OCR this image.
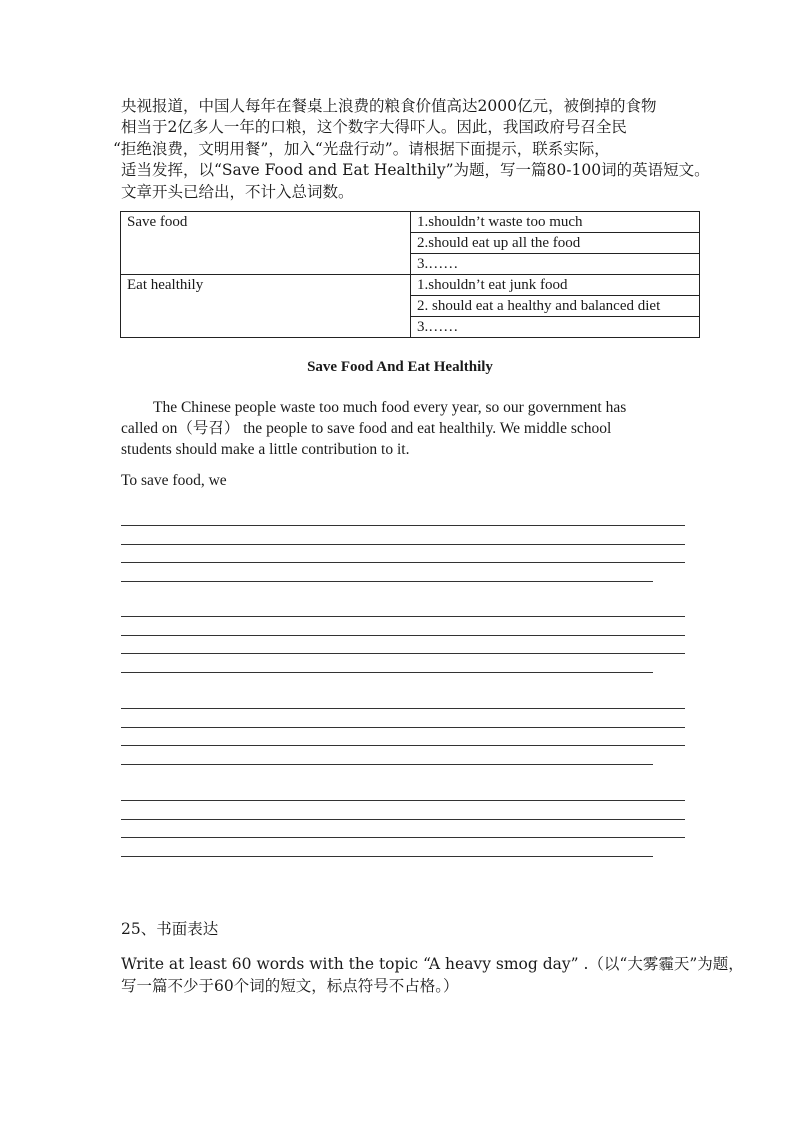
央视报道，中国人每年在餐桌上浪费的粮食价值高达2000亿元，被倒掉的食物
相当于2亿多人一年的口粮，这个数字大得吓人。因此，我国政府号召全民
“拒绝浪费，文明用餐”，加入“光盘行动”。请根据下面提示，联系实际，
适当发挥，以“Save Food and Eat Healthily”为题，写一篇80-100词的英语短文。
文章开头已给出，不计入总词数。
Save food	1.shouldn’t waste too much
	2.should eat up all the food
	3.……
Eat healthily	1.shouldn’t eat junk food
	2. should eat a healthy and balanced diet
	3.……
Save Food And Eat Healthily
The Chinese people waste too much food every year, so our government has
called on（号召） the people to save food and eat healthily. We middle school
students should make a little contribution to it.
To save food, we
25、书面表达
Write at least 60 words with the topic “A heavy smog day” .（以“大雾霾天”为题，
写一篇不少于60个词的短文，标点符号不占格。）
